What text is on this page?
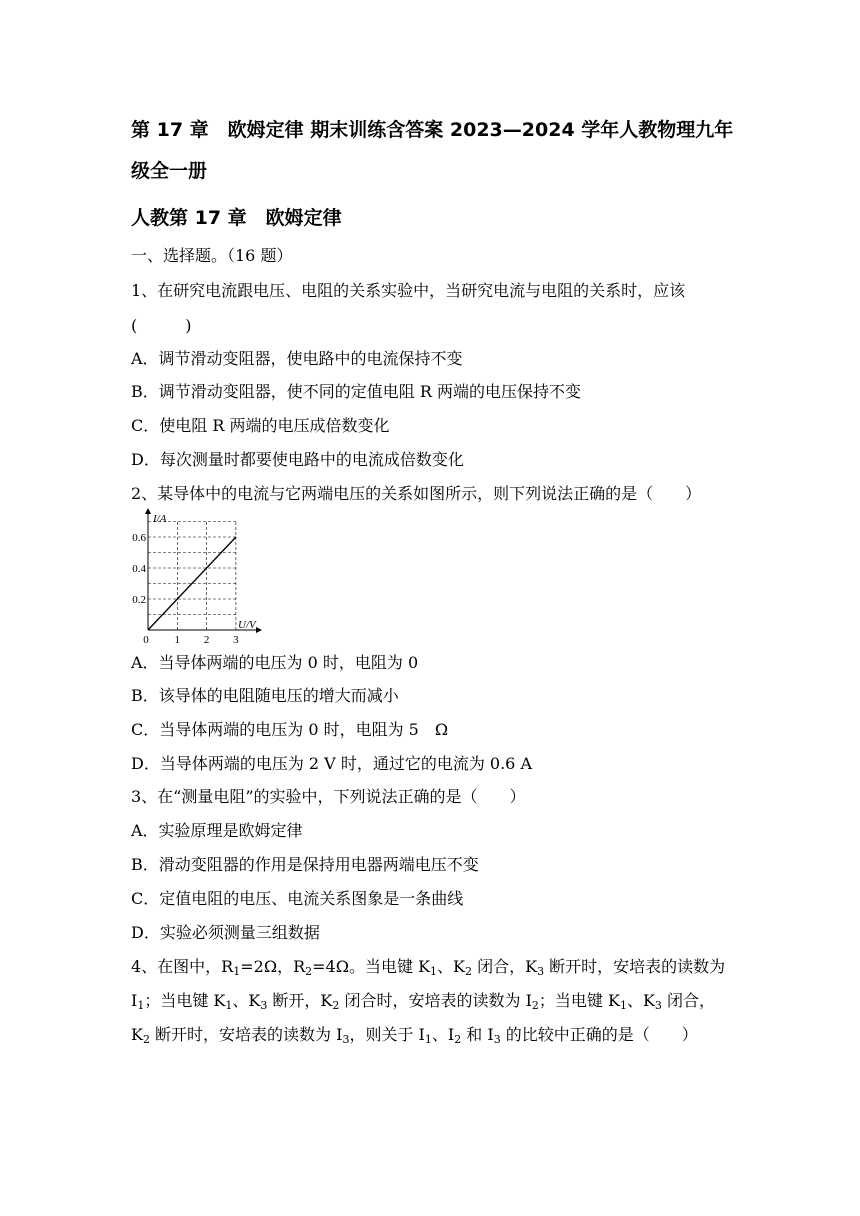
第 17 章　欧姆定律 期末训练含答案 2023—2024 学年人教物理九年
级全一册
人教第 17 章　欧姆定律
一、选择题。（16 题）
1、在研究电流跟电压、电阻的关系实验中，当研究电流与电阻的关系时，应该
(　　　)
A．调节滑动变阻器，使电路中的电流保持不变
B．调节滑动变阻器，使不同的定值电阻 R 两端的电压保持不变
C．使电阻 R 两端的电压成倍数变化
D．每次测量时都要使电路中的电流成倍数变化
2、某导体中的电流与它两端电压的关系如图所示，则下列说法正确的是（　　）
0 1 2 3
0.2
0.4
0.6
I/A
U/V
A．当导体两端的电压为 0 时，电阻为 0
B．该导体的电阻随电压的增大而减小
C．当导体两端的电压为 0 时，电阻为 5　Ω
D．当导体两端的电压为 2 V 时，通过它的电流为 0.6 A
3、在“测量电阻”的实验中，下列说法正确的是（　　）
A．实验原理是欧姆定律
B．滑动变阻器的作用是保持用电器两端电压不变
C．定值电阻的电压、电流关系图象是一条曲线
D．实验必须测量三组数据
4、在图中，$R_1=2\Omega$，$R_2=4\Omega$。当电键 $K_1$、$K_2$ 闭合，$K_3$ 断开时，安培表的读数为
$I_1$；当电键 $K_1$、$K_3$ 断开，$K_2$ 闭合时，安培表的读数为 $I_2$；当电键 $K_1$、$K_3$ 闭合，
$K_2$ 断开时，安培表的读数为 $I_3$，则关于 $I_1$、$I_2$ 和 $I_3$ 的比较中正确的是（　　）
